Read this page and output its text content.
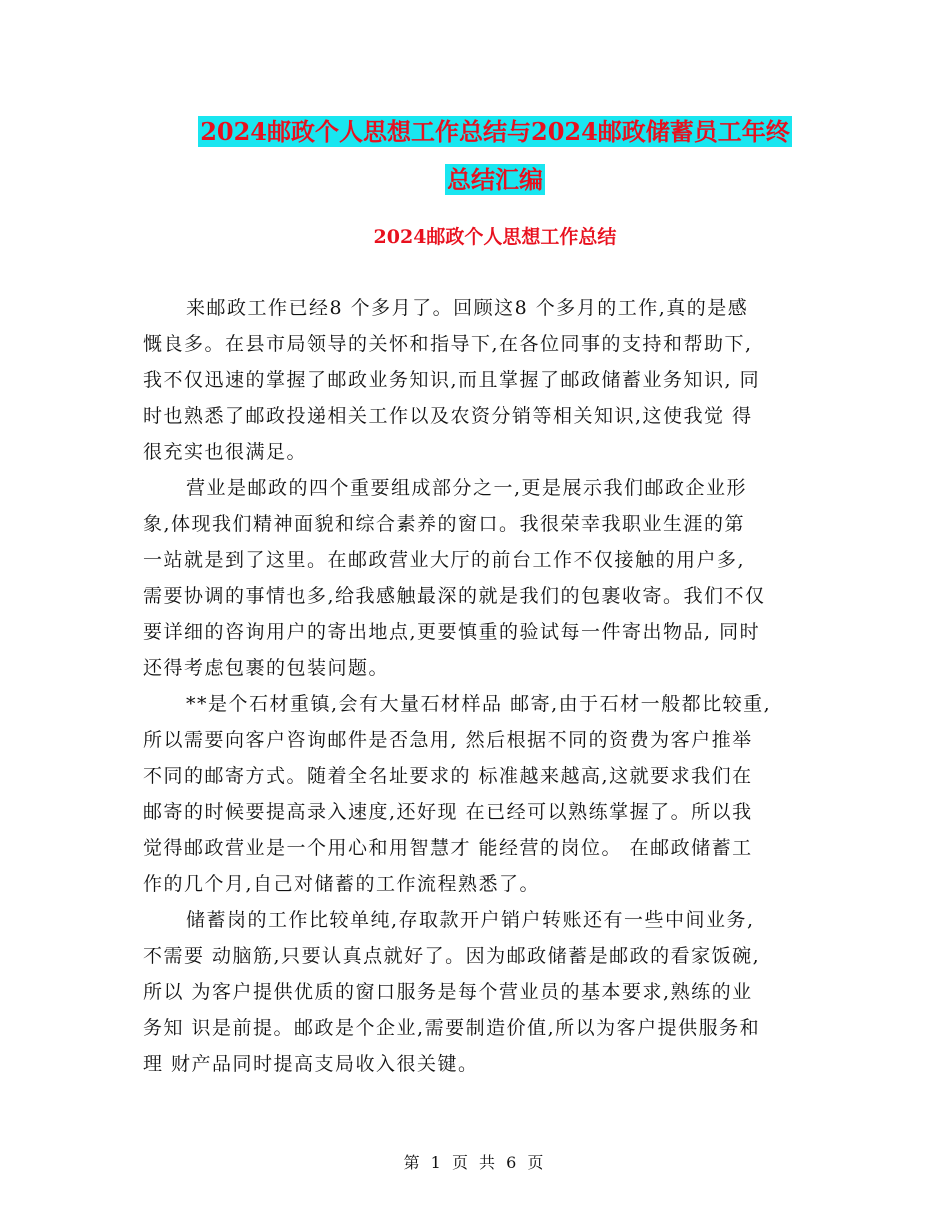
2024邮政个人思想工作总结与2024邮政储蓄员工年终
总结汇编
2024邮政个人思想工作总结

来邮政工作已经8 个多月了。回顾这8 个多月的工作,真的是感
慨良多。在县市局领导的关怀和指导下,在各位同事的支持和帮助下,
我不仅迅速的掌握了邮政业务知识,而且掌握了邮政储蓄业务知识, 同
时也熟悉了邮政投递相关工作以及农资分销等相关知识,这使我觉 得
很充实也很满足。

营业是邮政的四个重要组成部分之一,更是展示我们邮政企业形
象,体现我们精神面貌和综合素养的窗口。我很荣幸我职业生涯的第
一站就是到了这里。在邮政营业大厅的前台工作不仅接触的用户多,
需要协调的事情也多,给我感触最深的就是我们的包裹收寄。我们不仅
要详细的咨询用户的寄出地点,更要慎重的验试每一件寄出物品, 同时
还得考虑包裹的包装问题。

**是个石材重镇,会有大量石材样品 邮寄,由于石材一般都比较重,
所以需要向客户咨询邮件是否急用, 然后根据不同的资费为客户推举
不同的邮寄方式。随着全名址要求的 标准越来越高,这就要求我们在
邮寄的时候要提高录入速度,还好现 在已经可以熟练掌握了。所以我
觉得邮政营业是一个用心和用智慧才 能经营的岗位。 在邮政储蓄工
作的几个月,自己对储蓄的工作流程熟悉了。

储蓄岗的工作比较单纯,存取款开户销户转账还有一些中间业务,
不需要 动脑筋,只要认真点就好了。因为邮政储蓄是邮政的看家饭碗,
所以 为客户提供优质的窗口服务是每个营业员的基本要求,熟练的业
务知 识是前提。邮政是个企业,需要制造价值,所以为客户提供服务和
理 财产品同时提高支局收入很关键。

第 1 页 共 6 页
